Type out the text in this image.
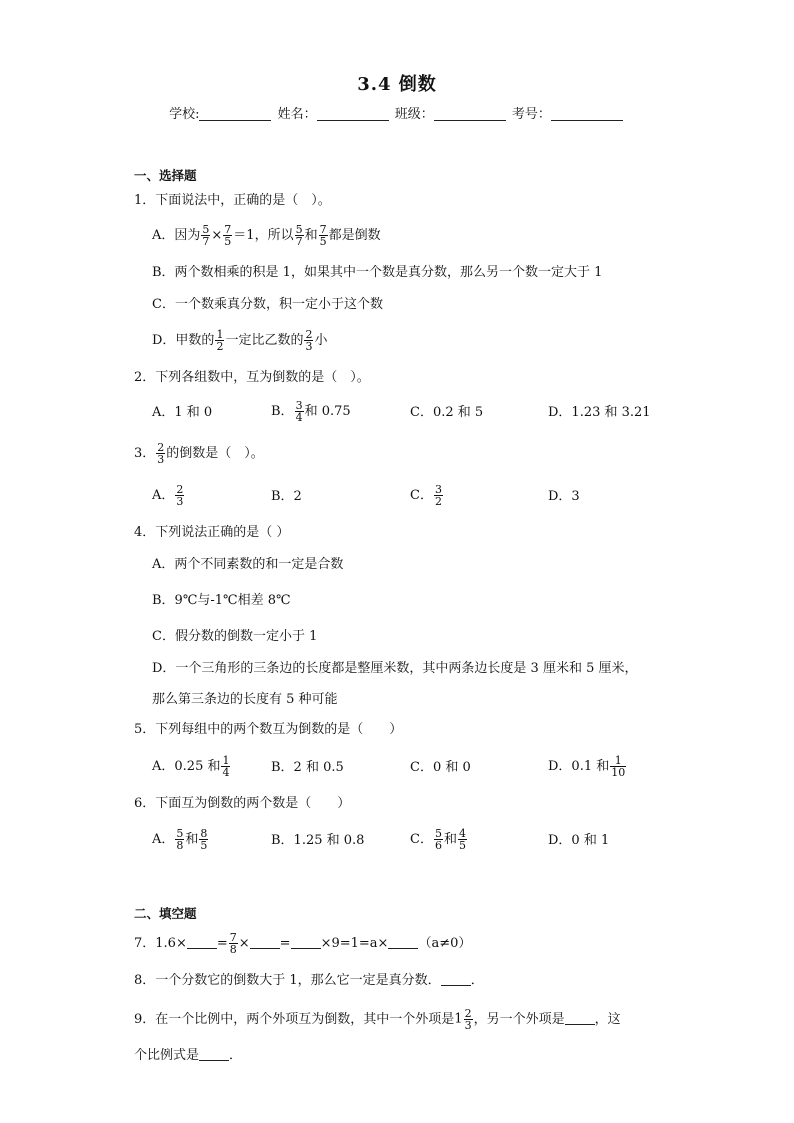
3.4 倒数
学校:	姓名：	班级：	考号：
一、选择题
1．下面说法中，正确的是（　）。
A．因为 $\frac{5}{7} \times \frac{7}{5} =1$，所以 $\frac{5}{7}$ 和 $\frac{7}{5}$ 都是倒数
B．两个数相乘的积是 1，如果其中一个数是真分数，那么另一个数一定大于 1
C．一个数乘真分数，积一定小于这个数
D．甲数的 $\frac{1}{2}$ 一定比乙数的 $\frac{2}{3}$ 小
2．下列各组数中，互为倒数的是（　）。
A．1 和 0	B． $\frac{3}{4}$ 和 0.75	C．0.2 和 5	D．1.23 和 3.21
3． $\frac{2}{3}$ 的倒数是（　）。
A． $\frac{2}{3}$	B．2	C． $\frac{3}{2}$	D．3
4．下列说法正确的是（ ）
A．两个不同素数的和一定是合数
B．9℃与-1℃相差 8℃
C．假分数的倒数一定小于 1
D．一个三角形的三条边的长度都是整厘米数，其中两条边长度是 3 厘米和 5 厘米，
那么第三条边的长度有 5 种可能
5．下列每组中的两个数互为倒数的是（　　）
A．0.25 和 $\frac{1}{4}$	B．2 和 0.5	C．0 和 0	D．0.1 和 $\frac{1}{10}$
6．下面互为倒数的两个数是（　　）
A． $\frac{5}{8}$ 和 $\frac{8}{5}$	B．1.25 和 0.8	C． $\frac{5}{6}$ 和 $\frac{4}{5}$	D．0 和 1
二、填空题
7．$1.6\times = \frac{7}{8}$ × = ×9=1=a× （a≠0）
8．一个分数它的倒数大于 1，那么它一定是真分数． ．
9．在一个比例中，两个外项互为倒数，其中一个外项是$1 \frac{2}{3}$ ，另一个外项是 ，这
个比例式是 ．
